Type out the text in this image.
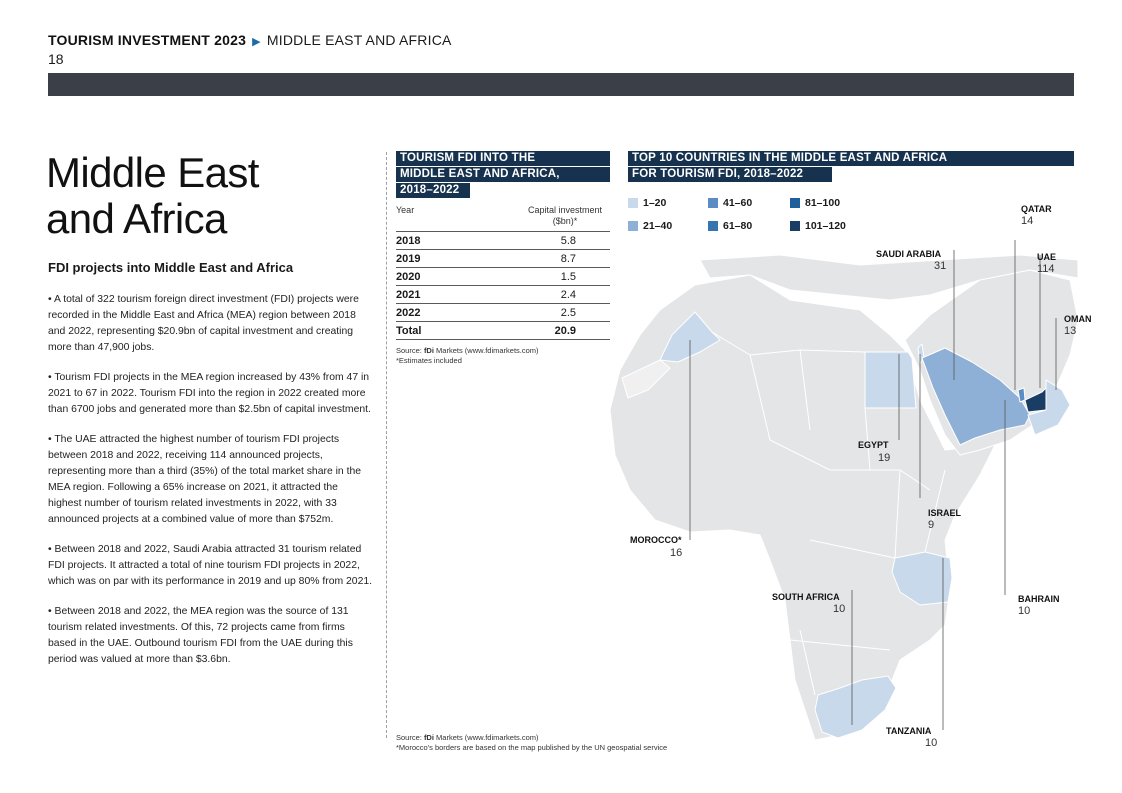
TOURISM INVESTMENT 2023 ▶ MIDDLE EAST AND AFRICA
18
Middle East
and Africa
FDI projects into Middle East and Africa

• A total of 322 tourism foreign direct investment (FDI) projects were recorded in the Middle East and Africa (MEA) region between 2018 and 2022, representing $20.9bn of capital investment and creating more than 47,900 jobs.

• Tourism FDI projects in the MEA region increased by 43% from 47 in 2021 to 67 in 2022. Tourism FDI into the region in 2022 created more than 6700 jobs and generated more than $2.5bn of capital investment.

• The UAE attracted the highest number of tourism FDI projects between 2018 and 2022, receiving 114 announced projects, representing more than a third (35%) of the total market share in the MEA region. Following a 65% increase on 2021, it attracted the highest number of tourism related investments in 2022, with 33 announced projects at a combined value of more than $752m.

• Between 2018 and 2022, Saudi Arabia attracted 31 tourism related FDI projects. It attracted a total of nine tourism FDI projects in 2022, which was on par with its performance in 2019 and up 80% from 2021.

• Between 2018 and 2022, the MEA region was the source of 131 tourism related investments. Of this, 72 projects came from firms based in the UAE. Outbound tourism FDI from the UAE during this period was valued at more than $3.6bn.

TOURISM FDI INTO THE
MIDDLE EAST AND AFRICA,
2018–2022
Year	Capital investment
($bn)*
2018	5.8
2019	8.7
2020	1.5
2021	2.4
2022	2.5
Total	20.9
Source: fDi Markets (www.fdimarkets.com)
*Estimates included
TOP 10 COUNTRIES IN THE MIDDLE EAST AND AFRICA
FOR TOURISM FDI, 2018–2022
1–20
21–40
41–60
61–80
81–100
101–120
SAUDI ARABIA
31
QATAR
14
UAE
114
OMAN
13
EGYPT
19
ISRAEL
9
MOROCCO*
16
SOUTH AFRICA
10
BAHRAIN
10
TANZANIA
10
Source: fDi Markets (www.fdimarkets.com)
*Morocco's borders are based on the map published by the UN geospatial service
